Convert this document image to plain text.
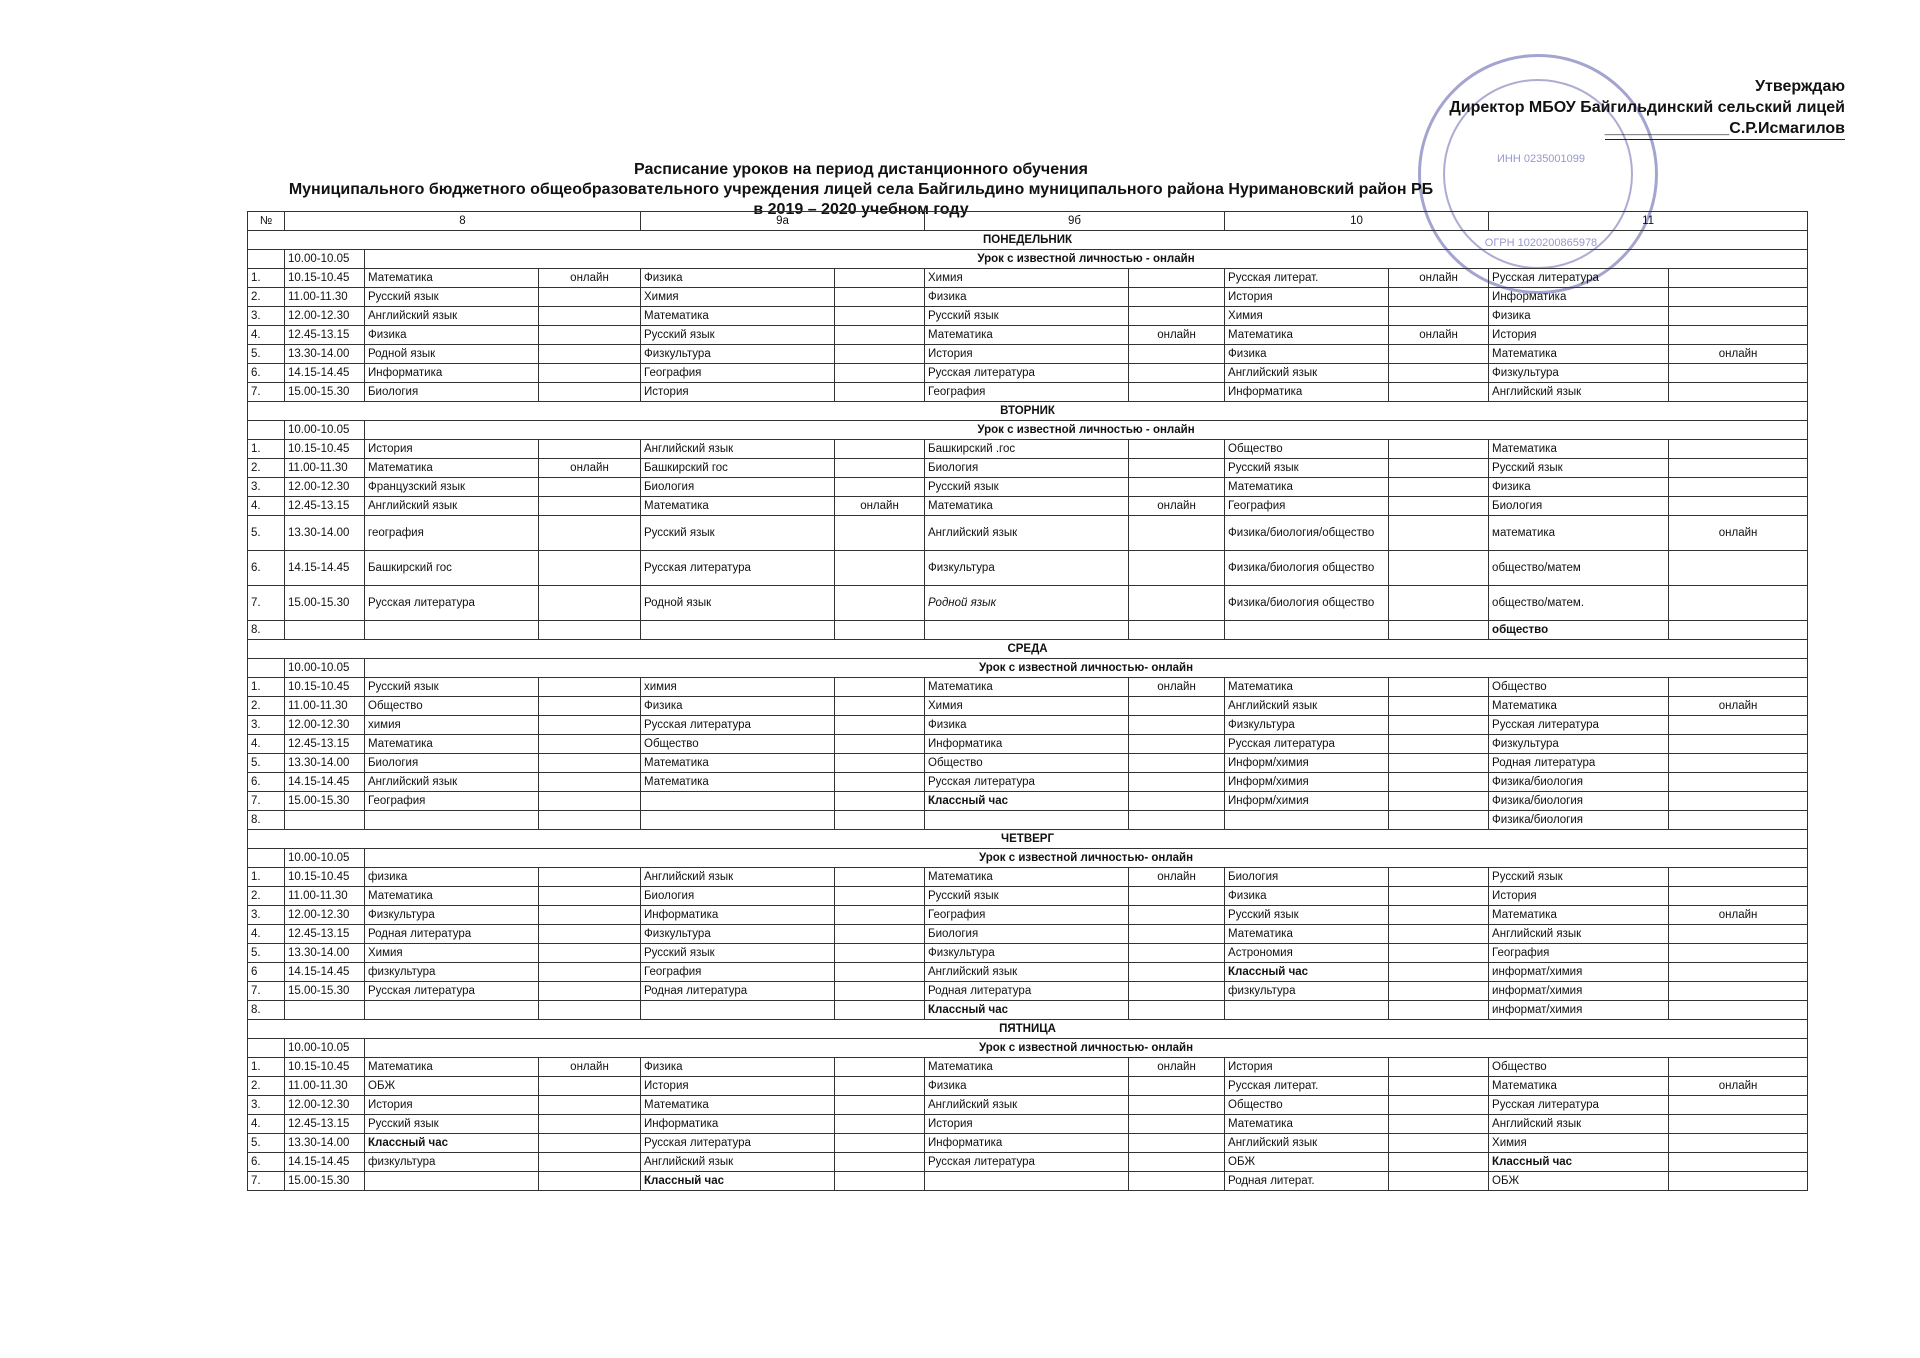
ИНН 0235001099
ОГРН 1020200865978
Утверждаю
Директор МБОУ Байгильдинский сельский лицей
______________С.Р.Исмагилов
Расписание уроков на период дистанционного обучения
Муниципального бюджетного общеобразовательного учреждения лицей села Байгильдино муниципального района Нуримановский район РБ
в 2019 – 2020 учебном году
№	8			9а		9б		10		11	
ПОНЕДЕЛЬНИК											
	10.00-10.05	Урок с известной личностью - онлайн									
1.	10.15-10.45	Математика	онлайн	Физика		Химия		Русская литерат.	онлайн	Русская литература	
2.	11.00-11.30	Русский язык		Химия		Физика		История		Информатика	
3.	12.00-12.30	Английский язык		Математика		Русский язык		Химия		Физика	
4.	12.45-13.15	Физика		Русский язык		Математика	онлайн	Математика	онлайн	История	
5.	13.30-14.00	Родной язык		Физкультура		История		Физика		Математика	онлайн
6.	14.15-14.45	Информатика		География		Русская литература		Английский язык		Физкультура	
7.	15.00-15.30	Биология		История		География		Информатика		Английский язык	
ВТОРНИК											
	10.00-10.05	Урок с известной личностью - онлайн									
1.	10.15-10.45	История		Английский язык		Башкирский .гос		Общество		Математика	
2.	11.00-11.30	Математика	онлайн	Башкирский гос		Биология		Русский язык		Русский язык	
3.	12.00-12.30	Французский язык		Биология		Русский язык		Математика		Физика	
4.	12.45-13.15	Английский язык		Математика	онлайн	Математика	онлайн	География		Биология	
5.	13.30-14.00	география		Русский язык		Английский язык		Физика/биология/общество		математика	онлайн
6.	14.15-14.45	Башкирский гос		Русская литература		Физкультура		Физика/биология общество		общество/матем	
7.	15.00-15.30	Русская литература		Родной язык		Родной язык		Физика/биология общество		общество/матем.	
8.										общество	
СРЕДА											
	10.00-10.05	Урок с известной личностью- онлайн									
1.	10.15-10.45	Русский язык		химия		Математика	онлайн	Математика		Общество	
2.	11.00-11.30	Общество		Физика		Химия		Английский язык		Математика	онлайн
3.	12.00-12.30	химия		Русская литература		Физика		Физкультура		Русская литература	
4.	12.45-13.15	Математика		Общество		Информатика		Русская литература		Физкультура	
5.	13.30-14.00	Биология		Математика		Общество		Информ/химия		Родная литература	
6.	14.15-14.45	Английский язык		Математика		Русская литература		Информ/химия		Физика/биология	
7.	15.00-15.30	География				Классный час		Информ/химия		Физика/биология	
8.										Физика/биология	
ЧЕТВЕРГ											
	10.00-10.05	Урок с известной личностью- онлайн									
1.	10.15-10.45	физика		Английский язык		Математика	онлайн	Биология		Русский язык	
2.	11.00-11.30	Математика		Биология		Русский язык		Физика		История	
3.	12.00-12.30	Физкультура		Информатика		География		Русский язык		Математика	онлайн
4.	12.45-13.15	Родная литература		Физкультура		Биология		Математика		Английский язык	
5.	13.30-14.00	Химия		Русский язык		Физкультура		Астрономия		География	
6	14.15-14.45	физкультура		География		Английский язык		Классный час		информат/химия	
7.	15.00-15.30	Русская литература		Родная литература		Родная литература		физкультура		информат/химия	
8.						Классный час				информат/химия	
ПЯТНИЦА											
	10.00-10.05	Урок с известной личностью- онлайн									
1.	10.15-10.45	Математика	онлайн	Физика		Математика	онлайн	История		Общество	
2.	11.00-11.30	ОБЖ		История		Физика		Русская литерат.		Математика	онлайн
3.	12.00-12.30	История		Математика		Английский язык		Общество		Русская литература	
4.	12.45-13.15	Русский язык		Информатика		История		Математика		Английский язык	
5.	13.30-14.00	Классный час		Русская литература		Информатика		Английский язык		Химия	
6.	14.15-14.45	физкультура		Английский язык		Русская литература		ОБЖ		Классный час	
7.	15.00-15.30			Классный час				Родная литерат.		ОБЖ	
